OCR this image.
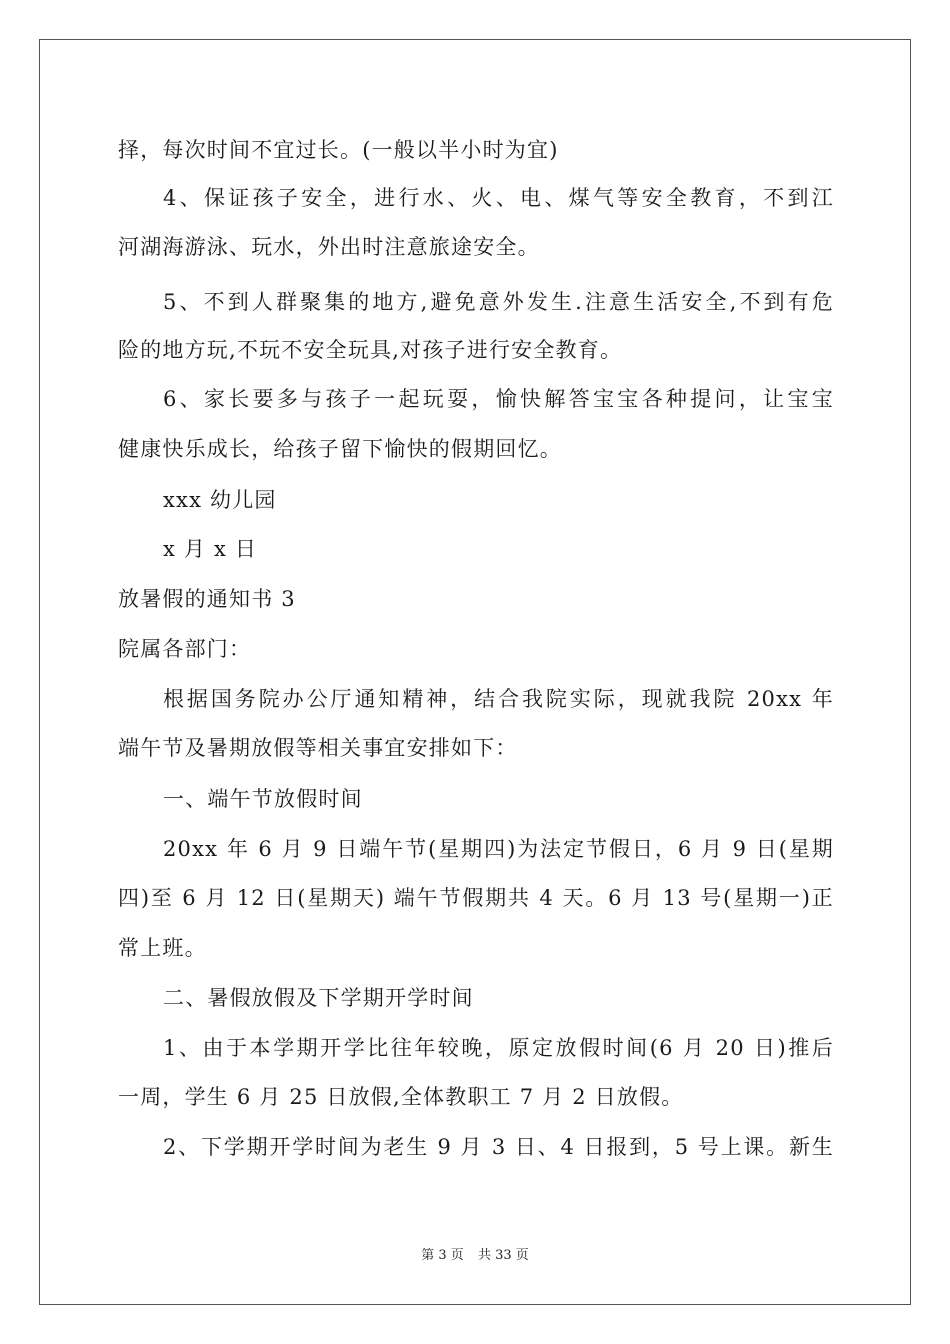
择，每次时间不宜过长。(一般以半小时为宜)
4、保证孩子安全，进行水、火、电、煤气等安全教育，不到江
河湖海游泳、玩水，外出时注意旅途安全。
5、不到人群聚集的地方,避免意外发生.注意生活安全,不到有危
险的地方玩,不玩不安全玩具,对孩子进行安全教育。
6、家长要多与孩子一起玩耍，愉快解答宝宝各种提问，让宝宝
健康快乐成长，给孩子留下愉快的假期回忆。
xxx 幼儿园
x 月 x 日
放暑假的通知书 3
院属各部门：
根据国务院办公厅通知精神，结合我院实际，现就我院 20xx 年
端午节及暑期放假等相关事宜安排如下：
一、端午节放假时间
20xx 年 6 月 9 日端午节(星期四)为法定节假日，6 月 9 日(星期
四)至 6 月 12 日(星期天) 端午节假期共 4 天。6 月 13 号(星期一)正
常上班。
二、暑假放假及下学期开学时间
1、由于本学期开学比往年较晚，原定放假时间(6 月 20 日)推后
一周，学生 6 月 25 日放假,全体教职工 7 月 2 日放假。
2、下学期开学时间为老生 9 月 3 日、4 日报到，5 号上课。新生
第 3 页 共 33 页
